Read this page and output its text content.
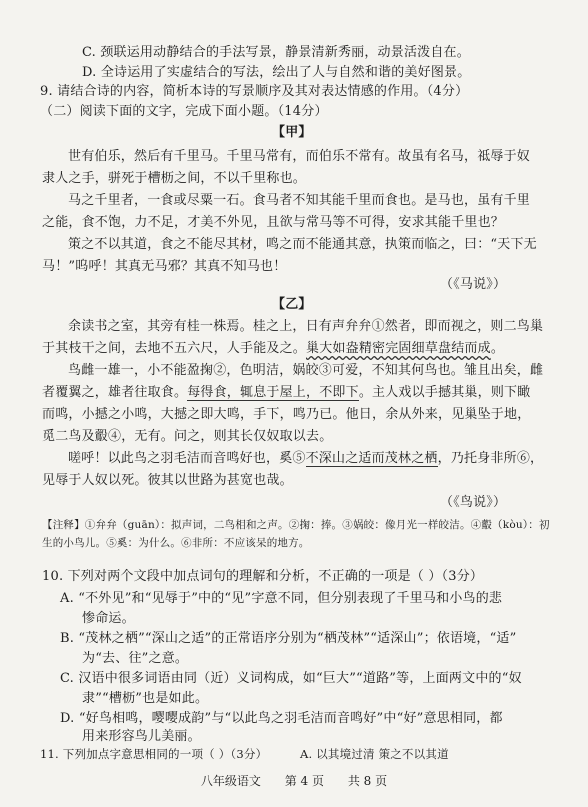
C. 颈联运用动静结合的手法写景，静景清新秀丽，动景活泼自在。
D. 全诗运用了实虚结合的写法，绘出了人与自然和谐的美好图景。
9. 请结合诗的内容，简析本诗的写景顺序及其对表达情感的作用。（4分）
（二）阅读下面的文字，完成下面小题。（14分）
【甲】
世有伯乐，然后有千里马。千里马常有，而伯乐不常有。故虽有名马，祗辱于奴
隶人之手，骈死于槽枥之间，不以千里称也。
马之千里者，一食或尽粟一石。食马者不知其能千里而食也。是马也，虽有千里
之能，食不饱，力不足，才美不外见，且欲与常马等不可得，安求其能千里也？
策之不以其道，食之不能尽其材，鸣之而不能通其意，执策而临之，曰：“天下无
马！”呜呼！其真无马邪？其真不知马也！
（《马说》）
【乙】
余读书之室，其旁有桂一株焉。桂之上，日有声弁弁①然者，即而视之，则二鸟巢
于其枝干之间，去地不五六尺，人手能及之。巢大如盎精密完固细草盘结而成。
鸟雌一雄一，小不能盈掬②，色明洁，娲皎③可爱，不知其何鸟也。雏且出矣，雌
者覆翼之，雄者往取食。每得食，辄息于屋上，不即下。主人戏以手撼其巢，则下瞰
而鸣，小撼之小鸣，大撼之即大鸣，手下，鸣乃已。他日，余从外来，见巢坠于地，
觅二鸟及鷇④，无有。问之，则其长仅奴取以去。
嗟呼！以此鸟之羽毛洁而音鸣好也，奚⑤不深山之适而茂林之栖，乃托身非所⑥，
见辱于人奴以死。彼其以世路为甚宽也哉。
（《鸟说》）
【注释】①弁弁（guān）：拟声词，二鸟相和之声。②掬：捧。③娲皎：像月光一样皎洁。④鷇（kòu）：初
生的小鸟儿。⑤奚：为什么。⑥非所：不应该呆的地方。
10. 下列对两个文段中加点词句的理解和分析，不正确的一项是（ ）（3分）
A. “不外见”和“见辱于”中的“见”字意不同，但分别表现了千里马和小鸟的悲
惨命运。
B. “茂林之栖”“深山之适”的正常语序分别为“栖茂林”“适深山”；依语境，“适”
为“去、往”之意。
C. 汉语中很多词语由同（近）义词构成，如“巨大”“道路”等，上面两文中的“奴
隶”“槽枥”也是如此。
D. “好鸟相鸣，嘤嘤成韵”与“以此鸟之羽毛洁而音鸣好”中“好”意思相同，都
用来形容鸟儿美丽。
八年级语文 第 4 页 共 8 页
11. 下列加点字意思相同的一项（ ）（3分）	A. 以其境过清 策之不以其道
